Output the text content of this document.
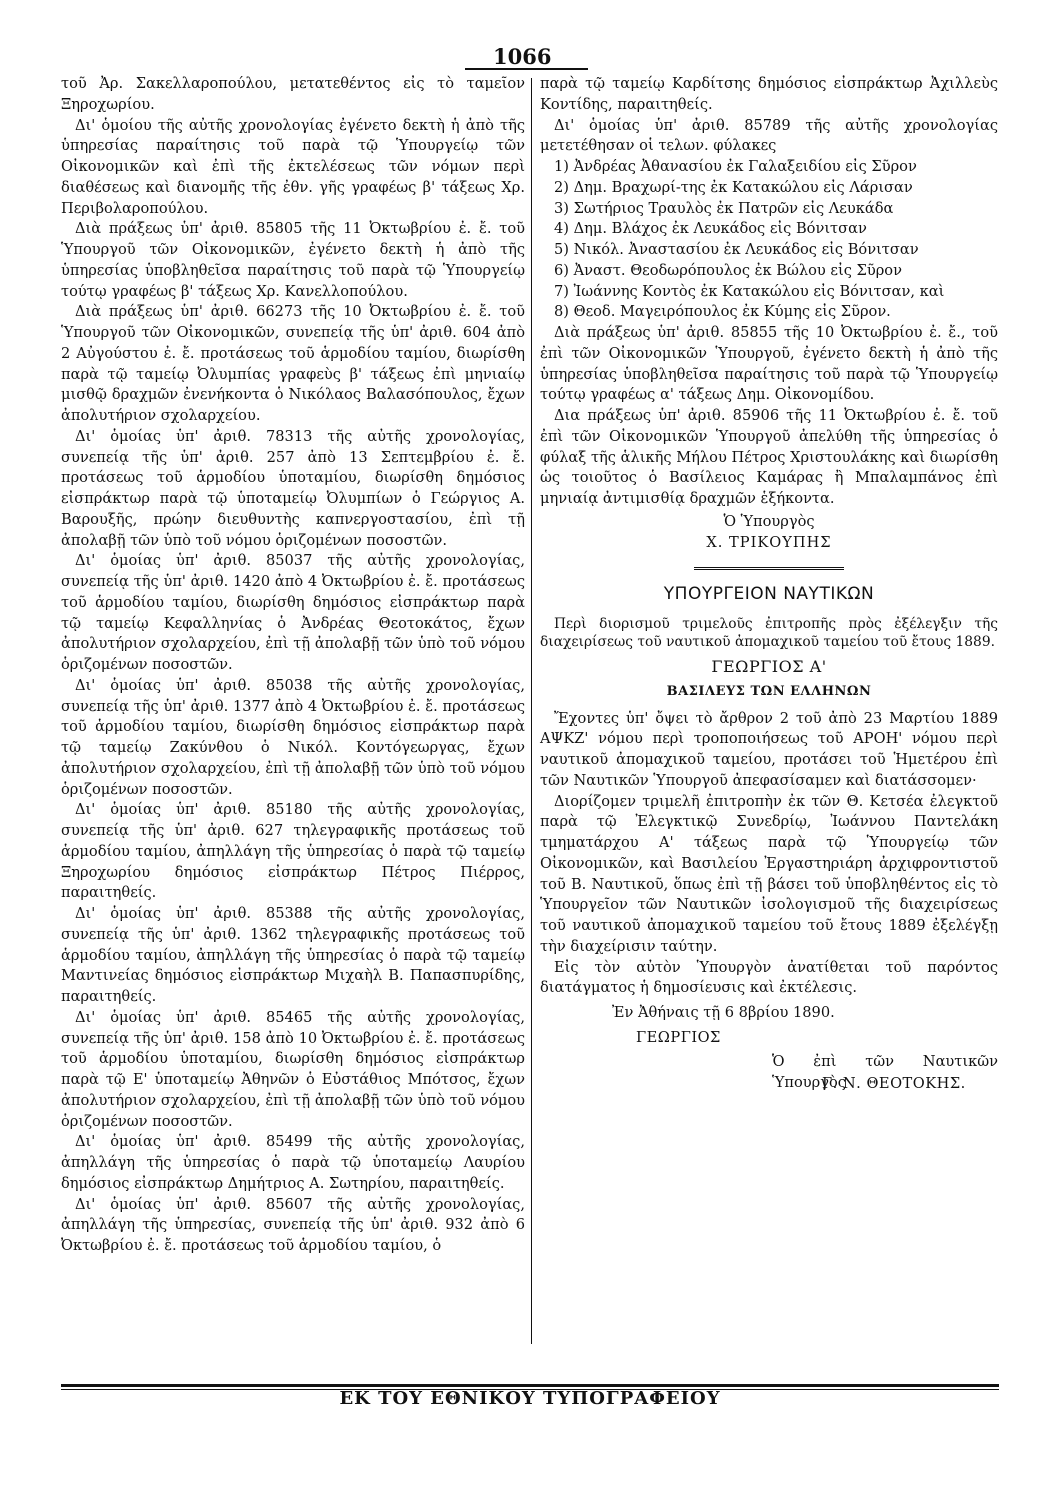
1066

τοῦ Ἀρ. Σακελλαροπούλου, μετατεθέντος εἰς τὸ ταμεῖον Ξηροχωρίου.

Δι' ὁμοίου τῆς αὐτῆς χρονολογίας ἐγένετο δεκτὴ ἡ ἀπὸ τῆς ὑπηρεσίας παραίτησις τοῦ παρὰ τῷ Ὑπουργείῳ τῶν Οἰκονομικῶν καὶ ἐπὶ τῆς ἐκτελέσεως τῶν νόμων περὶ διαθέσεως καὶ διανομῆς τῆς ἐθν. γῆς γραφέως β' τάξεως Χρ. Περιβολαροπούλου.

Διὰ πράξεως ὑπ' ἀριθ. 85805 τῆς 11 Ὀκτωβρίου ἐ. ἔ. τοῦ Ὑπουργοῦ τῶν Οἰκονομικῶν, ἐγένετο δεκτὴ ἡ ἀπὸ τῆς ὑπηρεσίας ὑποβληθεῖσα παραίτησις τοῦ παρὰ τῷ Ὑπουργείῳ τούτῳ γραφέως β' τάξεως Χρ. Κανελλοπούλου.

Διὰ πράξεως ὑπ' ἀριθ. 66273 τῆς 10 Ὀκτωβρίου ἐ. ἔ. τοῦ Ὑπουργοῦ τῶν Οἰκονομικῶν, συνεπείᾳ τῆς ὑπ' ἀριθ. 604 ἀπὸ 2 Αὐγούστου ἐ. ἔ. προτάσεως τοῦ ἁρμοδίου ταμίου, διωρίσθη παρὰ τῷ ταμείῳ Ὀλυμπίας γραφεὺς β' τάξεως ἐπὶ μηνιαίῳ μισθῷ δραχμῶν ἐνενήκοντα ὁ Νικόλαος Βαλασόπουλος, ἔχων ἀπολυτήριον σχολαρχείου.

Δι' ὁμοίας ὑπ' ἀριθ. 78313 τῆς αὐτῆς χρονολογίας, συνεπείᾳ τῆς ὑπ' ἀριθ. 257 ἀπὸ 13 Σεπτεμβρίου ἐ. ἔ. προτάσεως τοῦ ἁρμοδίου ὑποταμίου, διωρίσθη δημόσιος εἰσπράκτωρ παρὰ τῷ ὑποταμείῳ Ὀλυμπίων ὁ Γεώργιος Α. Βαρουξῆς, πρώην διευθυντὴς καπνεργοστασίου, ἐπὶ τῇ ἀπολαβῇ τῶν ὑπὸ τοῦ νόμου ὁριζομένων ποσοστῶν.

Δι' ὁμοίας ὑπ' ἀριθ. 85037 τῆς αὐτῆς χρονολογίας, συνεπείᾳ τῆς ὑπ' ἀριθ. 1420 ἀπὸ 4 Ὀκτωβρίου ἐ. ἔ. προτάσεως τοῦ ἁρμοδίου ταμίου, διωρίσθη δημόσιος εἰσπράκτωρ παρὰ τῷ ταμείῳ Κεφαλληνίας ὁ Ἀνδρέας Θεοτοκάτος, ἔχων ἀπολυτήριον σχολαρχείου, ἐπὶ τῇ ἀπολαβῇ τῶν ὑπὸ τοῦ νόμου ὁριζομένων ποσοστῶν.

Δι' ὁμοίας ὑπ' ἀριθ. 85038 τῆς αὐτῆς χρονολογίας, συνεπείᾳ τῆς ὑπ' ἀριθ. 1377 ἀπὸ 4 Ὀκτωβρίου ἐ. ἔ. προτάσεως τοῦ ἁρμοδίου ταμίου, διωρίσθη δημόσιος εἰσπράκτωρ παρὰ τῷ ταμείῳ Ζακύνθου ὁ Νικόλ. Κοντόγεωργας, ἔχων ἀπολυτήριον σχολαρχείου, ἐπὶ τῇ ἀπολαβῇ τῶν ὑπὸ τοῦ νόμου ὁριζομένων ποσοστῶν.

Δι' ὁμοίας ὑπ' ἀριθ. 85180 τῆς αὐτῆς χρονολογίας, συνεπείᾳ τῆς ὑπ' ἀριθ. 627 τηλεγραφικῆς προτάσεως τοῦ ἁρμοδίου ταμίου, ἀπηλλάγη τῆς ὑπηρεσίας ὁ παρὰ τῷ ταμείῳ Ξηροχωρίου δημόσιος εἰσπράκτωρ Πέτρος Πιέρρος, παραιτηθείς.

Δι' ὁμοίας ὑπ' ἀριθ. 85388 τῆς αὐτῆς χρονολογίας, συνεπείᾳ τῆς ὑπ' ἀριθ. 1362 τηλεγραφικῆς προτάσεως τοῦ ἁρμοδίου ταμίου, ἀπηλλάγη τῆς ὑπηρεσίας ὁ παρὰ τῷ ταμείῳ Μαντινείας δημόσιος εἰσπράκτωρ Μιχαὴλ Β. Παπασπυρίδης, παραιτηθείς.

Δι' ὁμοίας ὑπ' ἀριθ. 85465 τῆς αὐτῆς χρονολογίας, συνεπείᾳ τῆς ὑπ' ἀριθ. 158 ἀπὸ 10 Ὀκτωβρίου ἐ. ἔ. προτάσεως τοῦ ἁρμοδίου ὑποταμίου, διωρίσθη δημόσιος εἰσπράκτωρ παρὰ τῷ Ε' ὑποταμείῳ Ἀθηνῶν ὁ Εὐστάθιος Μπότσος, ἔχων ἀπολυτήριον σχολαρχείου, ἐπὶ τῇ ἀπολαβῇ τῶν ὑπὸ τοῦ νόμου ὁριζομένων ποσοστῶν.

Δι' ὁμοίας ὑπ' ἀριθ. 85499 τῆς αὐτῆς χρονολογίας, ἀπηλλάγη τῆς ὑπηρεσίας ὁ παρὰ τῷ ὑποταμείῳ Λαυρίου δημόσιος εἰσπράκτωρ Δημήτριος Α. Σωτηρίου, παραιτηθείς.

Δι' ὁμοίας ὑπ' ἀριθ. 85607 τῆς αὐτῆς χρονολογίας, ἀπηλλάγη τῆς ὑπηρεσίας, συνεπείᾳ τῆς ὑπ' ἀριθ. 932 ἀπὸ 6 Ὀκτωβρίου ἐ. ἔ. προτάσεως τοῦ ἁρμοδίου ταμίου, ὁ

παρὰ τῷ ταμείῳ Καρδίτσης δημόσιος εἰσπράκτωρ Ἀχιλλεὺς Κοντίδης, παραιτηθείς.

Δι' ὁμοίας ὑπ' ἀριθ. 85789 τῆς αὐτῆς χρονολογίας μετετέθησαν οἱ τελων. φύλακες

1) Ἀνδρέας Ἀθανασίου ἐκ Γαλαξειδίου εἰς Σῦρον
2) Δημ. Βραχωρί-της ἐκ Κατακώλου εἰς Λάρισαν
3) Σωτήριος Τραυλὸς ἐκ Πατρῶν εἰς Λευκάδα
4) Δημ. Βλάχος ἐκ Λευκάδος εἰς Βόνιτσαν
5) Νικόλ. Ἀναστασίου ἐκ Λευκάδος εἰς Βόνιτσαν
6) Ἀναστ. Θεοδωρόπουλος ἐκ Βώλου εἰς Σῦρον
7) Ἰωάννης Κοντὸς ἐκ Κατακώλου εἰς Βόνιτσαν, καὶ
8) Θεοδ. Μαγειρόπουλος ἐκ Κύμης εἰς Σῦρον.

Διὰ πράξεως ὑπ' ἀριθ. 85855 τῆς 10 Ὀκτωβρίου ἐ. ἔ., τοῦ ἐπὶ τῶν Οἰκονομικῶν Ὑπουργοῦ, ἐγένετο δεκτὴ ἡ ἀπὸ τῆς ὑπηρεσίας ὑποβληθεῖσα παραίτησις τοῦ παρὰ τῷ Ὑπουργείῳ τούτῳ γραφέως α' τάξεως Δημ. Οἰκονομίδου.

Δια πράξεως ὑπ' ἀριθ. 85906 τῆς 11 Ὀκτωβρίου ἐ. ἔ. τοῦ ἐπὶ τῶν Οἰκονομικῶν Ὑπουργοῦ ἀπελύθη τῆς ὑπηρεσίας ὁ φύλαξ τῆς ἁλικῆς Μήλου Πέτρος Χριστουλάκης καὶ διωρίσθη ὡς τοιοῦτος ὁ Βασίλειος Καμάρας ἢ Μπαλαμπάνος ἐπὶ μηνιαίᾳ ἀντιμισθίᾳ δραχμῶν ἑξήκοντα.

Ὁ Ὑπουργὸς
Χ. ΤΡΙΚΟΥΠΗΣ
ΥΠΟΥΡΓΕΙΟΝ ΝΑΥΤΙΚΩΝ

Περὶ διορισμοῦ τριμελοῦς ἐπιτροπῆς πρὸς ἐξέλεγξιν τῆς διαχειρίσεως τοῦ ναυτικοῦ ἀπομαχικοῦ ταμείου τοῦ ἔτους 1889.

ΓΕΩΡΓΙΟΣ Α'
ΒΑΣΙΛΕΥΣ ΤΩΝ ΕΛΛΗΝΩΝ

Ἔχοντες ὑπ' ὄψει τὸ ἄρθρον 2 τοῦ ἀπὸ 23 Μαρτίου 1889 ΑΨΚΖ' νόμου περὶ τροποποιήσεως τοῦ ΑΡΟΗ' νόμου περὶ ναυτικοῦ ἀπομαχικοῦ ταμείου, προτάσει τοῦ Ἡμετέρου ἐπὶ τῶν Ναυτικῶν Ὑπουργοῦ ἀπεφασίσαμεν καὶ διατάσσομεν·

Διορίζομεν τριμελῆ ἐπιτροπὴν ἐκ τῶν Θ. Κετσέα ἐλεγκτοῦ παρὰ τῷ Ἐλεγκτικῷ Συνεδρίῳ, Ἰωάννου Παντελάκη τμηματάρχου Α' τάξεως παρὰ τῷ Ὑπουργείῳ τῶν Οἰκονομικῶν, καὶ Βασιλείου Ἐργαστηριάρη ἀρχιφροντιστοῦ τοῦ Β. Ναυτικοῦ, ὅπως ἐπὶ τῇ βάσει τοῦ ὑποβληθέντος εἰς τὸ Ὑπουργεῖον τῶν Ναυτικῶν ἰσολογισμοῦ τῆς διαχειρίσεως τοῦ ναυτικοῦ ἀπομαχικοῦ ταμείου τοῦ ἔτους 1889 ἐξελέγξῃ τὴν διαχείρισιν ταύτην.

Εἰς τὸν αὐτὸν Ὑπουργὸν ἀνατίθεται τοῦ παρόντος διατάγματος ἡ δημοσίευσις καὶ ἐκτέλεσις.

Ἐν Ἀθήναις τῇ 6 8βρίου 1890.
ΓΕΩΡΓΙΟΣ
Ὁ ἐπὶ τῶν Ναυτικῶν Ὑπουργὸς
Γ. Ν. ΘΕΟΤΟΚΗΣ.
ΕΚ ΤΟΥ ΕΘΝΙΚΟΥ ΤΥΠΟΓΡΑΦΕΙΟΥ
